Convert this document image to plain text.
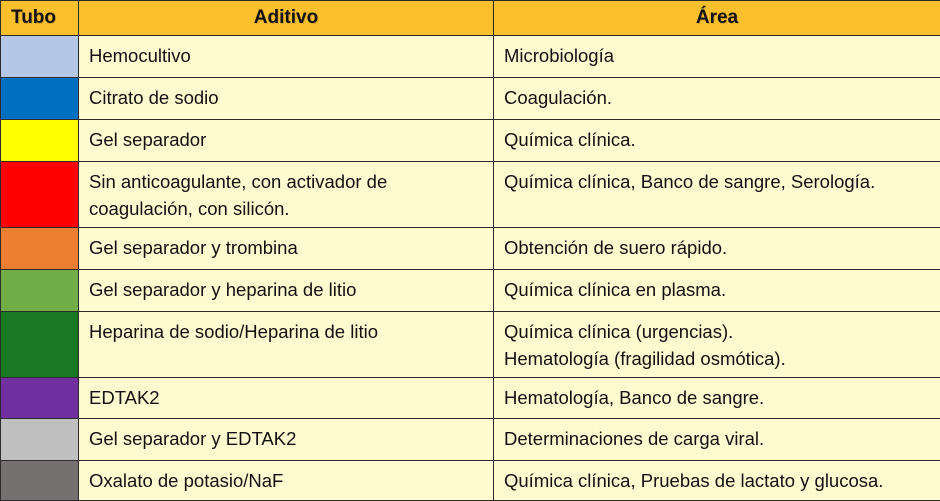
Tubo	Aditivo	Área
	Hemocultivo	Microbiología
	Citrato de sodio	Coagulación.
	Gel separador	Química clínica.
	Sin anticoagulante, con activador de
coagulación, con silicón.	Química clínica, Banco de sangre, Serología.
	Gel separador y trombina	Obtención de suero rápido.
	Gel separador y heparina de litio	Química clínica en plasma.
	Heparina de sodio/Heparina de litio	Química clínica (urgencias).
Hematología (fragilidad osmótica).
	EDTAK2	Hematología, Banco de sangre.
	Gel separador y EDTAK2	Determinaciones de carga viral.
	Oxalato de potasio/NaF	Química clínica, Pruebas de lactato y glucosa.
